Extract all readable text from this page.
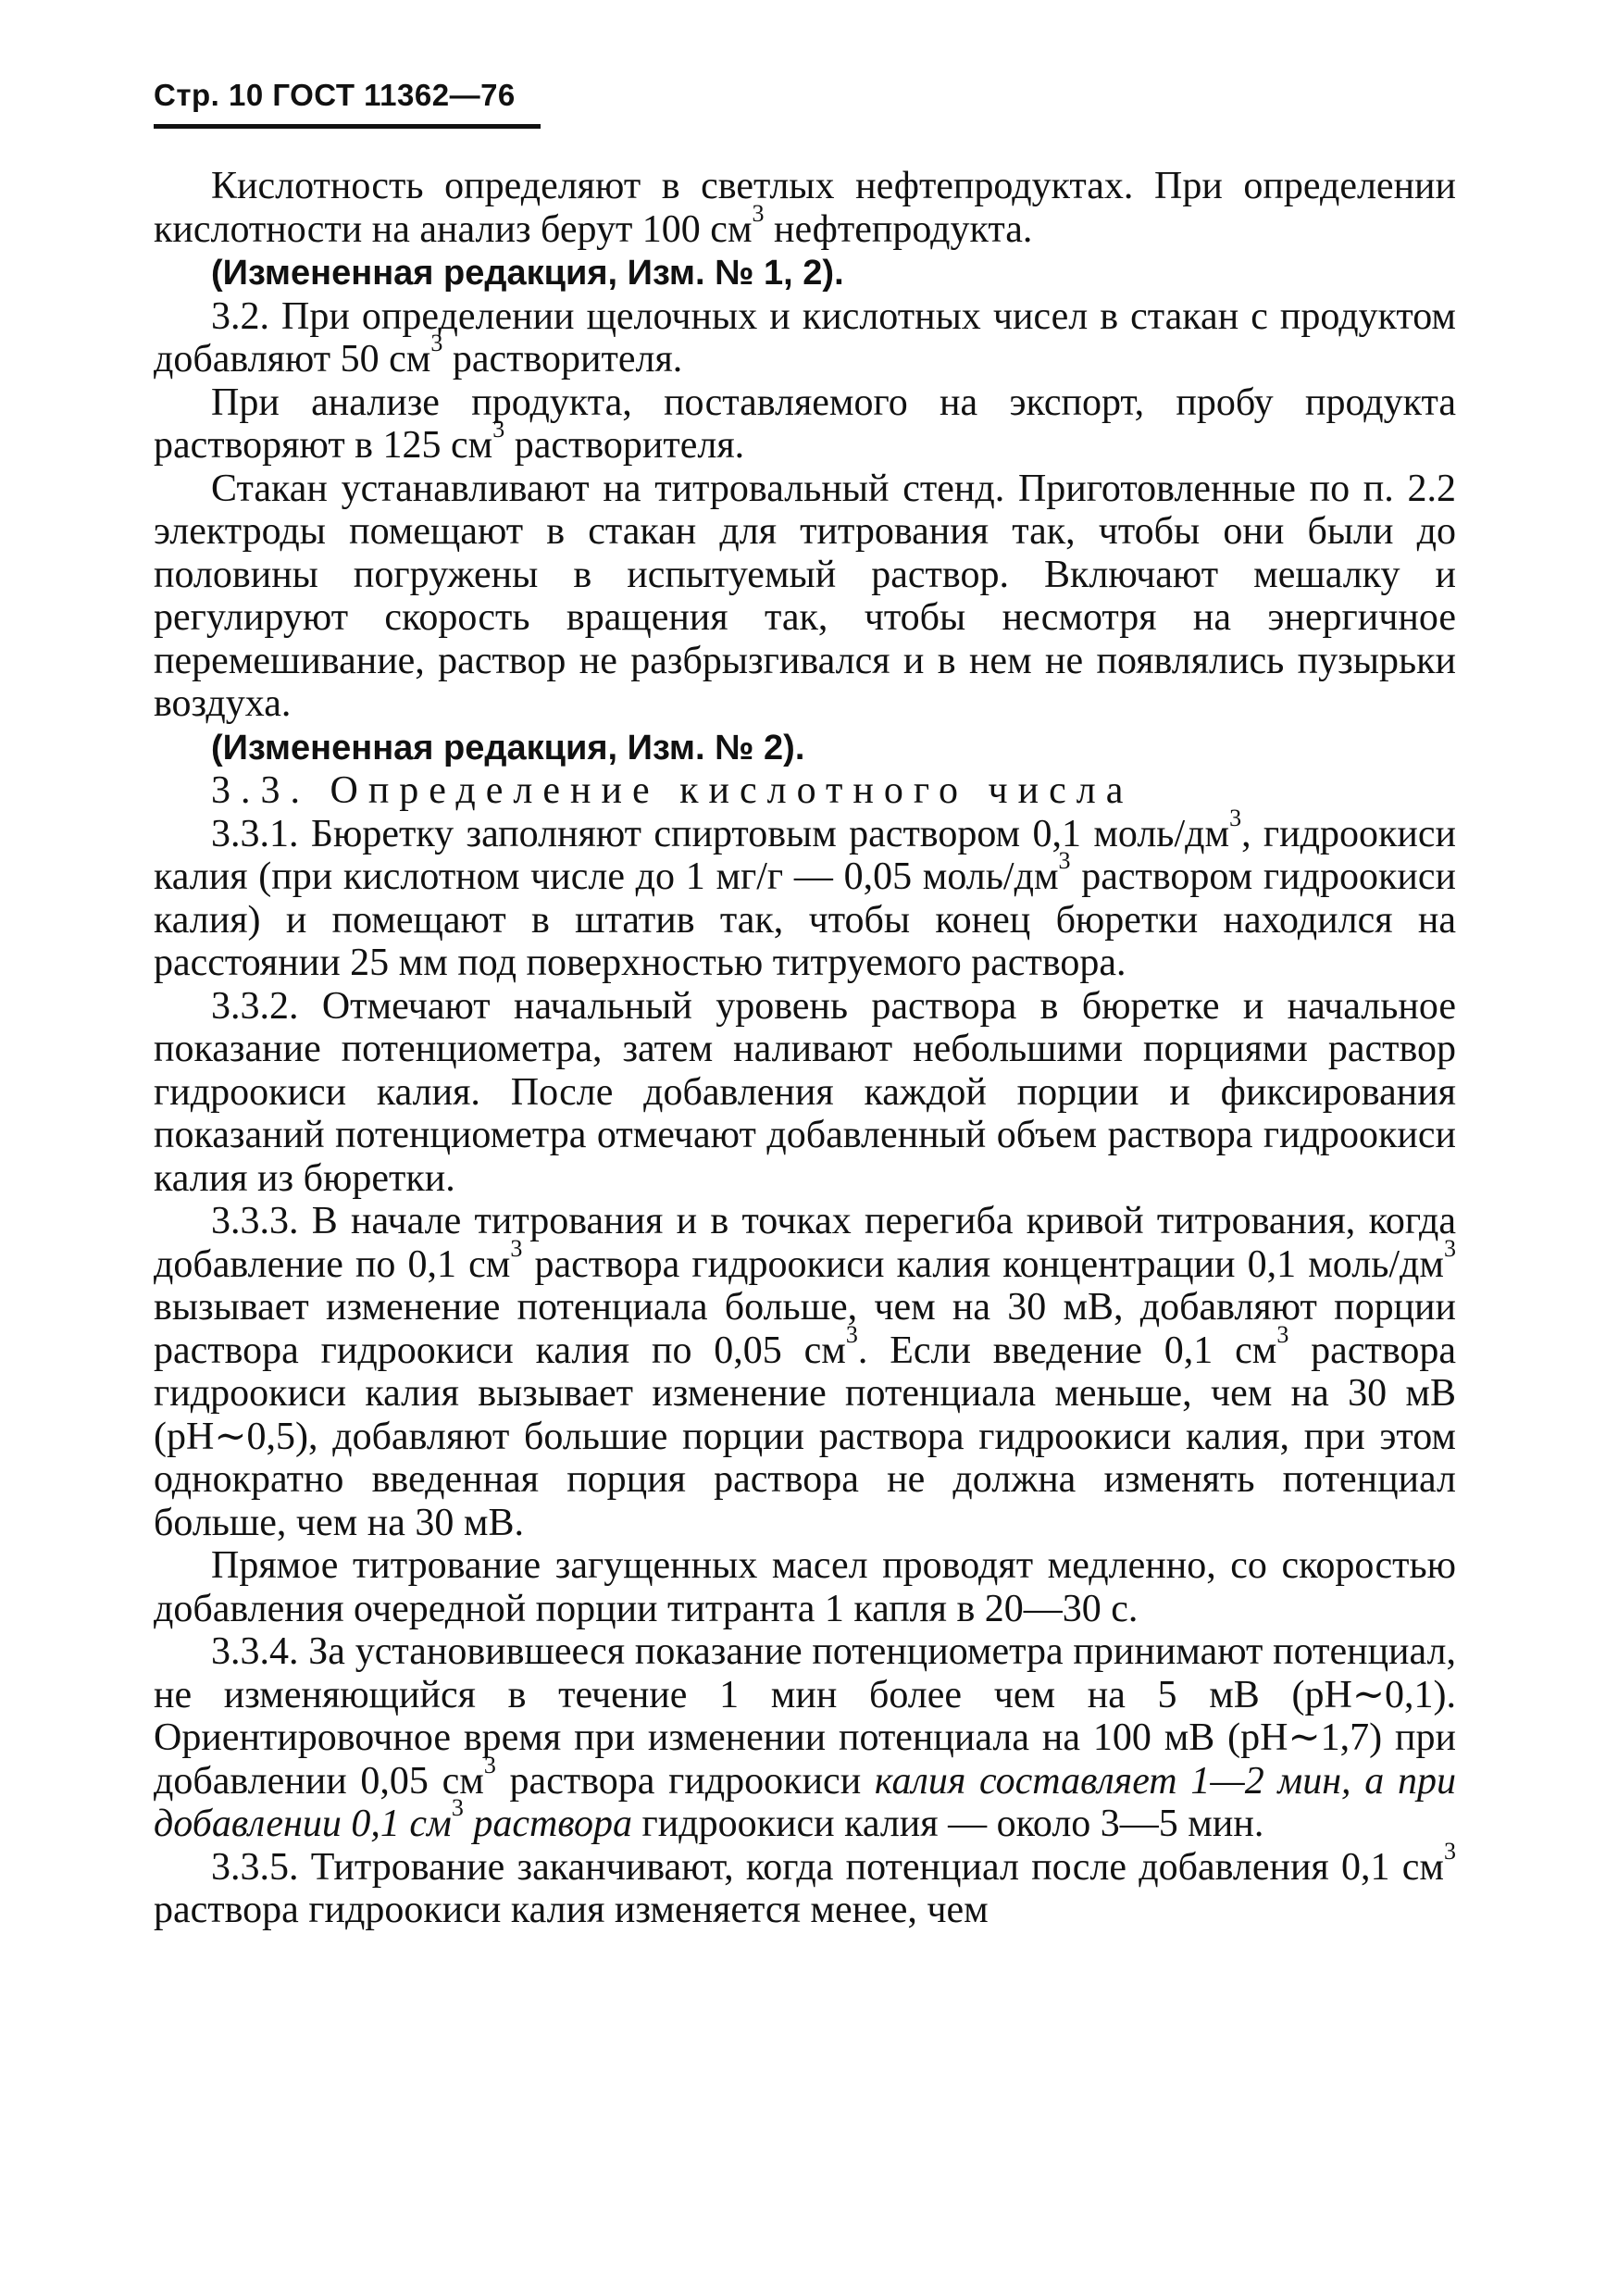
Стр. 10 ГОСТ 11362—76

Кислотность определяют в светлых нефтепродуктах. При определении кислотности на анализ берут 100 $см^3$ нефтепродукта.

(Измененная редакция, Изм. № 1, 2).

3.2. При определении щелочных и кислотных чисел в стакан с продуктом добавляют 50 $см^3$ растворителя.

При анализе продукта, поставляемого на экспорт, пробу продукта растворяют в 125 $см^3$ растворителя.

Стакан устанавливают на титровальный стенд. Приготовленные по п. 2.2 электроды помещают в стакан для титрования так, чтобы они были до половины погружены в испытуемый раствор. Включают мешалку и регулируют скорость вращения так, чтобы несмотря на энергичное перемешивание, раствор не разбрызгивался и в нем не появлялись пузырьки воздуха.

(Измененная редакция, Изм. № 2).

3.3. Определение кислотного числа

3.3.1. Бюретку заполняют спиртовым раствором 0,1 моль/$дм^3$, гидроокиси калия (при кислотном числе до 1 мг/г — 0,05 моль/$дм^3$ раствором гидроокиси калия) и помещают в штатив так, чтобы конец бюретки находился на расстоянии 25 мм под поверхностью титруемого раствора.

3.3.2. Отмечают начальный уровень раствора в бюретке и начальное показание потенциометра, затем наливают небольшими порциями раствор гидроокиси калия. После добавления каждой порции и фиксирования показаний потенциометра отмечают добавленный объем раствора гидроокиси калия из бюретки.

3.3.3. В начале титрования и в точках перегиба кривой титрования, когда добавление по 0,1 $см^3$ раствора гидроокиси калия концентрации 0,1 моль/$дм^3$ вызывает изменение потенциала больше, чем на 30 мВ, добавляют порции раствора гидроокиси калия по 0,05 $см^3$. Если введение 0,1 $см^3$ раствора гидроокиси калия вызывает изменение потенциала меньше, чем на 30 мВ (рН∼0,5), добавляют большие порции раствора гидроокиси калия, при этом однократно введенная порция раствора не должна изменять потенциал больше, чем на 30 мВ.

Прямое титрование загущенных масел проводят медленно, со скоростью добавления очередной порции титранта 1 капля в 20—30 с.

3.3.4. За установившееся показание потенциометра принимают потенциал, не изменяющийся в течение 1 мин более чем на 5 мВ (рН∼0,1). Ориентировочное время при изменении потенциала на 100 мВ (рН∼1,7) при добавлении 0,05 $см^3$ раствора гидроокиси калия составляет 1—2 мин, а при добавлении 0,1 $см^3$ раствора гидроокиси калия — около 3—5 мин.

3.3.5. Титрование заканчивают, когда потенциал после добавления 0,1 $см^3$ раствора гидроокиси калия изменяется менее, чем
